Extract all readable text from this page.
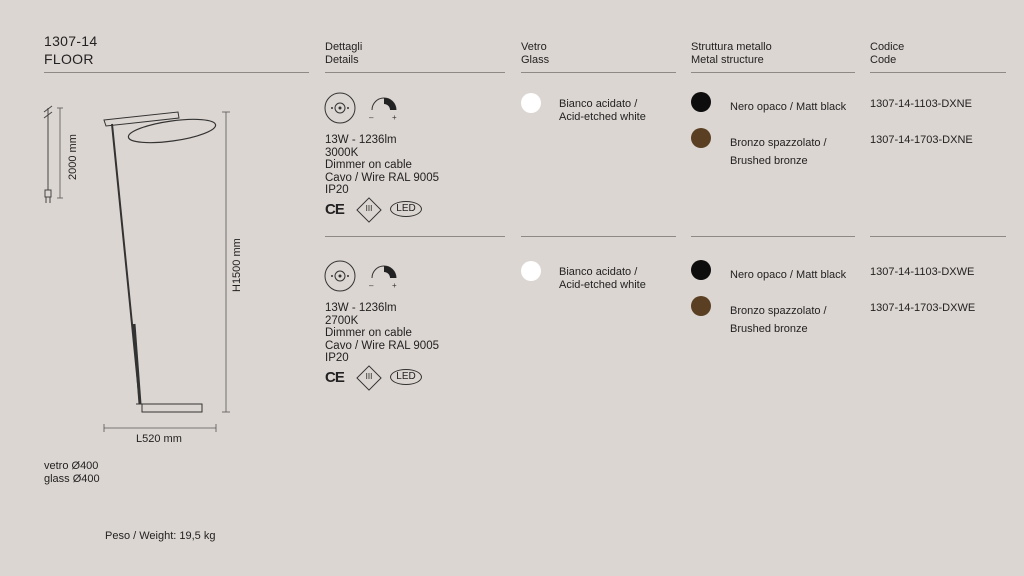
1307-14
FLOOR
Dettagli
Details
Vetro
Glass
Struttura metallo
Metal structure
Codice
Code
2000 mm
H1500 mm
L520 mm
vetro Ø400
glass Ø400
Peso / Weight: 19,5 kg
– +
13W - 1236lm
3000K
Dimmer on cable
Cavo / Wire RAL 9005
IP20
CE	III	LED
Bianco acidato /
Acid-etched white
Nero opaco / Matt black 1307-14-1103-DXNE
Bronzo spazzolato /
Brushed bronze
1307-14-1703-DXNE
– +
13W - 1236lm
2700K
Dimmer on cable
Cavo / Wire RAL 9005
IP20
CE	III	LED
Bianco acidato /
Acid-etched white
Nero opaco / Matt black 1307-14-1103-DXWE
Bronzo spazzolato /
Brushed bronze
1307-14-1703-DXWE
